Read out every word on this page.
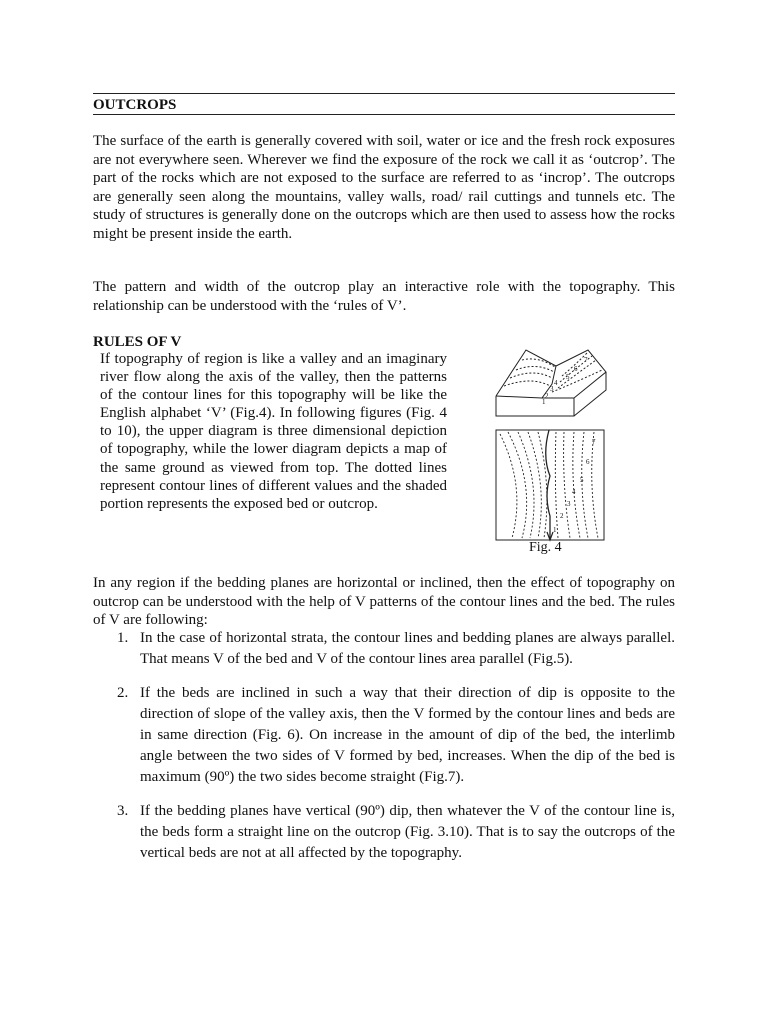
OUTCROPS

The surface of the earth is generally covered with soil, water or ice and the fresh rock exposures are not everywhere seen. Wherever we find the exposure of the rock we call it as ‘outcrop’. The part of the rocks which are not exposed to the surface are referred to as ‘incrop’. The outcrops are generally seen along the mountains, valley walls, road/ rail cuttings and tunnels etc. The study of structures is generally done on the outcrops which are then used to assess how the rocks might be present inside the earth.

The pattern and width of the outcrop play an interactive role with the topography. This relationship can be understood with the ‘rules of V’.

RULES OF V

If topography of region is like a valley and an imaginary river flow along the axis of the valley, then the patterns of the contour lines for this topography will be like the English alphabet ‘V’ (Fig.4). In following figures (Fig. 4 to 10), the upper diagram is three dimensional depiction of topography, while the lower diagram depicts a map of the same ground as viewed from top. The dotted lines represent contour lines of different values and the shaded portion represents the exposed bed or outcrop.

1
2
3
4
5
6
7
1
2
3
4
5
6
7
Fig. 4

In any region if the bedding planes are horizontal or inclined, then the effect of topography on outcrop can be understood with the help of V patterns of the contour lines and the bed. The rules of V are following:

1. In the case of horizontal strata, the contour lines and bedding planes are always parallel. That means V of the bed and V of the contour lines area parallel (Fig.5).
2. If the beds are inclined in such a way that their direction of dip is opposite to the direction of slope of the valley axis, then the V formed by the contour lines and beds are in same direction (Fig. 6). On increase in the amount of dip of the bed, the interlimb angle between the two sides of V formed by bed, increases. When the dip of the bed is maximum (90º) the two sides become straight (Fig.7).
3. If the bedding planes have vertical (90º) dip, then whatever the V of the contour line is, the beds form a straight line on the outcrop (Fig. 3.10). That is to say the outcrops of the vertical beds are not at all affected by the topography.
